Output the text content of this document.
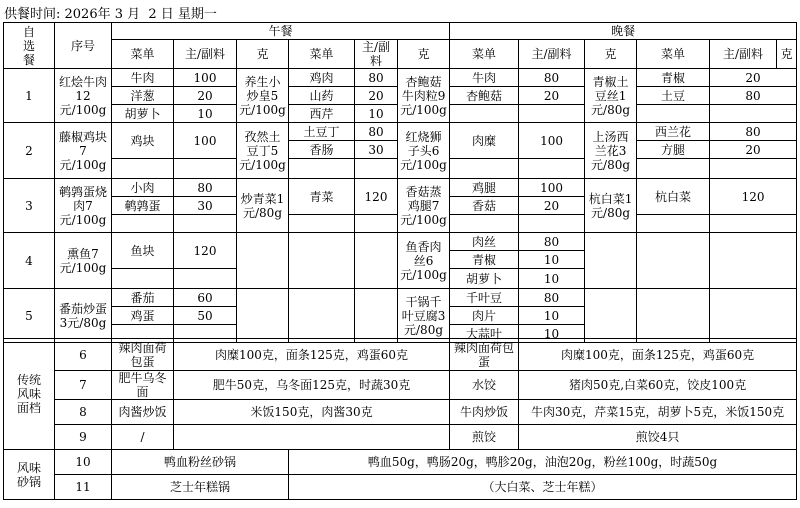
供餐时间: 2026年 3 月  2 日 星期一
自
选
餐	序号	午餐						晚餐					
		菜单	主/副料	克	菜单	主/副料	克	菜单	主/副料	克	菜单	主/副料	克
1	红烩牛肉12元/100g	牛肉	100	养生小炒皇5元/100g	鸡肉	80	杏鲍菇牛肉粒9元/100g	牛肉	80	青椒土豆丝1元/80g	青椒	20	
		洋葱	20		山药	20		杏鲍菇	20		土豆	80	
		胡萝卜	10		西芹	10							
2	藤椒鸡块7元/100g	鸡块	100	孜然土豆丁5元/100g	土豆丁	80	红烧狮子头6元/100g	肉糜	100	上汤西兰花3元/80g	西兰花	80	
					香肠	30					方腿	20	

3	鹌鹑蛋烧肉7元/100g	小肉	80	炒青菜1元/80g	青菜	120	香菇蒸鸡腿7元/100g	鸡腿	100	杭白菜1元/80g	杭白菜	120	
		鹌鹑蛋	30					香菇	20				

4	熏鱼7元/100g	鱼块	120				鱼香肉丝6元/100g	肉丝	80				
								青椒	10				
								胡萝卜	10				
5	番茄炒蛋3元/80g	番茄	60				干锅千叶豆腐3元/80g	千叶豆	80				
		鸡蛋	50					肉片	10				
								大蒜叶	10				
传统
风味
面档	6	辣肉面荷包蛋	肉糜100克，面条125克，鸡蛋60克		辣肉面荷包蛋	肉糜100克，面条125克，鸡蛋60克
	7	肥牛乌冬面	肥牛50克，乌冬面125克，时蔬30克		水饺	猪肉50克,白菜60克，饺皮100克
	8	肉酱炒饭	米饭150克，肉酱30克		牛肉炒饭	牛肉30克，芹菜15克，胡萝卜5克，米饭150克
	9	/			煎饺	煎饺4只
风味
砂锅	10	鸭血粉丝砂锅		鸭血50g，鸭肠20g，鸭胗20g，油泡20g，粉丝100g，时蔬50g		
	11	芝士年糕锅		（大白菜、芝士年糕）		
